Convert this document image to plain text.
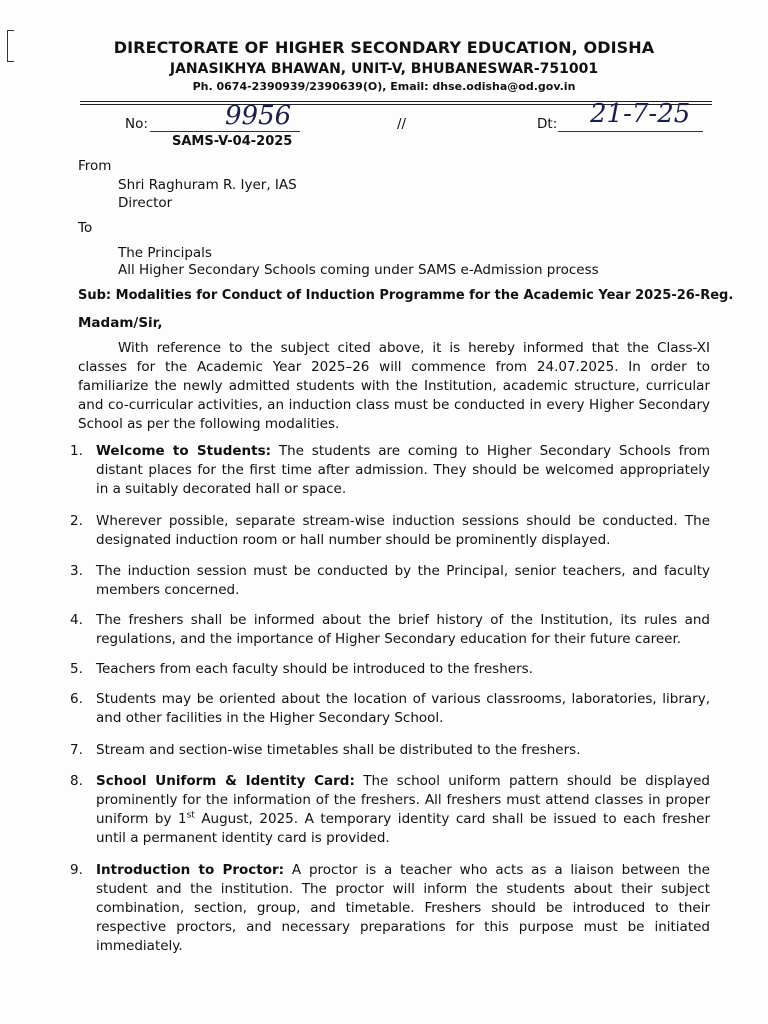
DIRECTORATE OF HIGHER SECONDARY EDUCATION, ODISHA
JANASIKHYA BHAWAN, UNIT-V, BHUBANESWAR-751001
Ph. 0674-2390939/2390639(O), Email: dhse.odisha@od.gov.in
No:	9956	//	Dt: 21-7-25
SAMS-V-04-2025
From
Shri Raghuram R. Iyer, IAS
Director
To
The Principals
All Higher Secondary Schools coming under SAMS e-Admission process
Sub: Modalities for Conduct of Induction Programme for the Academic Year 2025-26-Reg.
Madam/Sir,

With reference to the subject cited above, it is hereby informed that the Class-XI classes for the Academic Year 2025–26 will commence from 24.07.2025. In order to familiarize the newly admitted students with the Institution, academic structure, curricular and co-curricular activities, an induction class must be conducted in every Higher Secondary School as per the following modalities.

1. Welcome to Students: The students are coming to Higher Secondary Schools from distant places for the first time after admission. They should be welcomed appropriately in a suitably decorated hall or space.
2. Wherever possible, separate stream-wise induction sessions should be conducted. The designated induction room or hall number should be prominently displayed.
3. The induction session must be conducted by the Principal, senior teachers, and faculty members concerned.
4. The freshers shall be informed about the brief history of the Institution, its rules and regulations, and the importance of Higher Secondary education for their future career.
5. Teachers from each faculty should be introduced to the freshers.
6. Students may be oriented about the location of various classrooms, laboratories, library, and other facilities in the Higher Secondary School.
7. Stream and section-wise timetables shall be distributed to the freshers.
8. School Uniform & Identity Card: The school uniform pattern should be displayed prominently for the information of the freshers. All freshers must attend classes in proper uniform by 1st August, 2025. A temporary identity card shall be issued to each fresher until a permanent identity card is provided.
9. Introduction to Proctor: A proctor is a teacher who acts as a liaison between the student and the institution. The proctor will inform the students about their subject combination, section, group, and timetable. Freshers should be introduced to their respective proctors, and necessary preparations for this purpose must be initiated immediately.
